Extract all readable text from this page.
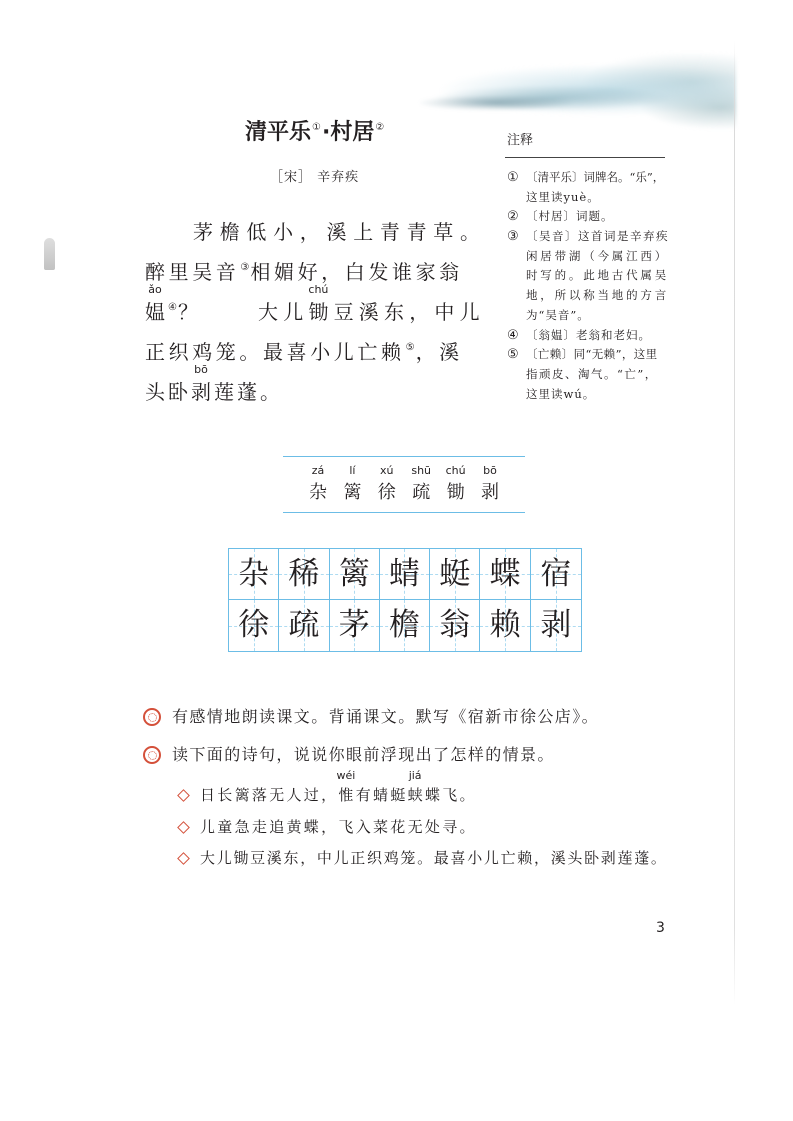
清平乐①·村居②
［宋］ 辛弃疾
茅檐低小，溪上青青草。
醉里吴音③相媚好，白发谁家翁
ǎo
媪④？	大儿
chú
锄豆溪东，中儿
正织鸡笼。最喜小儿亡赖⑤，溪
头卧
bō
剥莲蓬。
注释
① 〔清平乐〕词牌名。“乐”，
这里读yuè。
② 〔村居〕词题。
③ 〔吴音〕这首词是辛弃疾
闲居带湖（今属江西）
时写的。此地古代属吴
地，所以称当地的方言
为“吴音”。
④ 〔翁媪〕老翁和老妇。
⑤ 〔亡赖〕同“无赖”，这里
指顽皮、淘气。“亡”，
这里读wú。
zá
杂
lí
篱
xú
徐
shū
疏
chú
锄
bō
剥
杂 稀 篱 蜻 蜓 蝶 宿
徐 疏 茅 檐 翁 赖 剥
有感情地朗读课文。背诵课文。默写《宿新市徐公店》。
读下面的诗句，说说你眼前浮现出了怎样的情景。
日长篱落无人过，
wéi
惟有蜻蜓
jiá
蛱蝶飞。
儿童急走追黄蝶，飞入菜花无处寻。
大儿锄豆溪东，中儿正织鸡笼。最喜小儿亡赖，溪头卧剥莲蓬。
3
